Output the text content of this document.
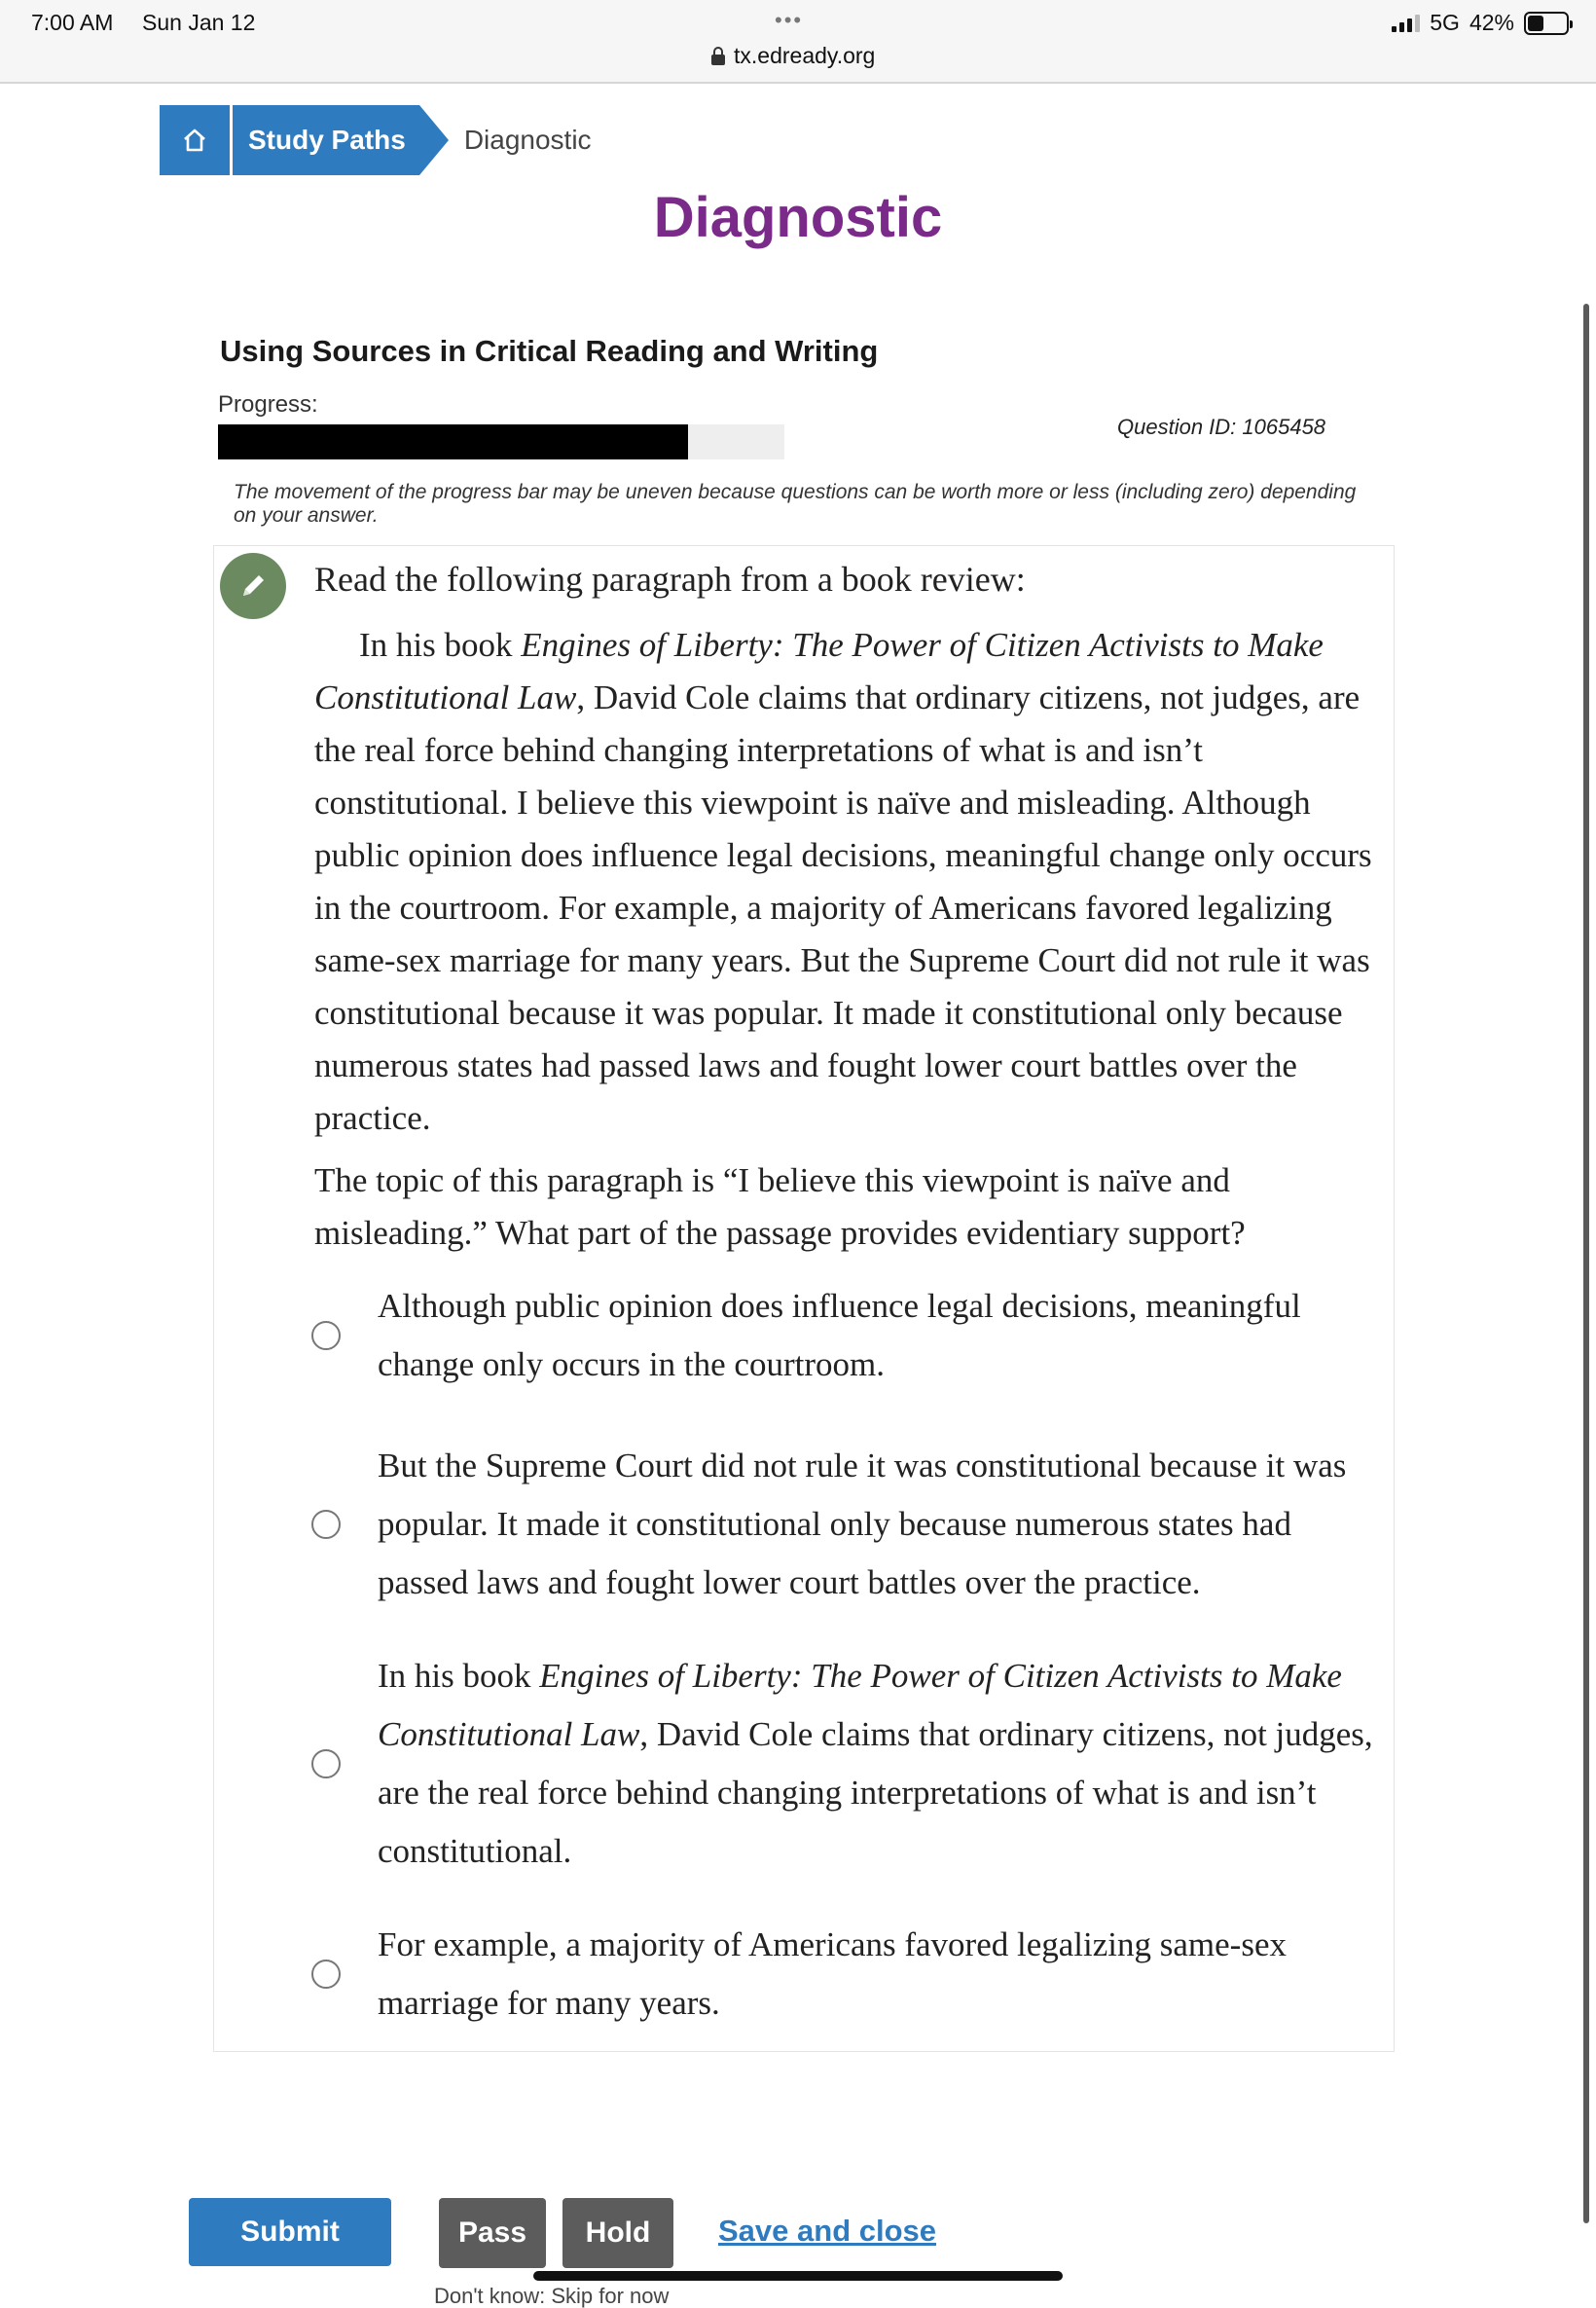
7:00 AM Sun Jan 12	•••
tx.edready.org
5G 42%
Study Paths Diagnostic
Diagnostic
Using Sources in Critical Reading and Writing
Progress:
Question ID: 1065458
The movement of the progress bar may be uneven because questions can be worth more or less (including zero) depending on your answer.
Read the following paragraph from a book review:

In his book Engines of Liberty: The Power of Citizen Activists to Make Constitutional Law, David Cole claims that ordinary citizens, not judges, are the real force behind changing interpretations of what is and isn’t constitutional. I believe this viewpoint is naïve and misleading. Although public opinion does influence legal decisions, meaningful change only occurs in the courtroom. For example, a majority of Americans favored legalizing same-sex marriage for many years. But the Supreme Court did not rule it was constitutional because it was popular. It made it constitutional only because numerous states had passed laws and fought lower court battles over the practice.

The topic of this paragraph is “I believe this viewpoint is naïve and misleading.” What part of the passage provides evidentiary support?

Although public opinion does influence legal decisions, meaningful change only occurs in the courtroom.
But the Supreme Court did not rule it was constitutional because it was popular. It made it constitutional only because numerous states had passed laws and fought lower court battles over the practice.
In his book Engines of Liberty: The Power of Citizen Activists to Make Constitutional Law, David Cole claims that ordinary citizens, not judges, are the real force behind changing interpretations of what is and isn’t constitutional.
For example, a majority of Americans favored legalizing same-sex marriage for many years.
Submit	Pass	Hold	Save and close
Don't know: Skip for now
